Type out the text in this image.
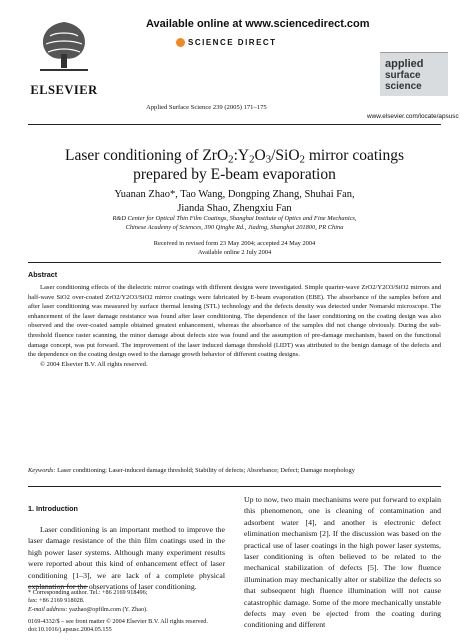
ELSEVIER
Available online at www.sciencedirect.com
SCIENCE DIRECT
Applied Surface Science 239 (2005) 171–175
applied
surface science
www.elsevier.com/locate/apsusc
Laser conditioning of $ZrO_2:Y_2O_3/SiO_2$ mirror coatings
prepared by E-beam evaporation
Yuanan Zhao*, Tao Wang, Dongping Zhang, Shuhai Fan,
Jianda Shao, Zhengxiu Fan
R&D Center for Optical Thin Film Coatings, Shanghai Institute of Optics and Fine Mechanics,
Chinese Academy of Sciences, 390 Qinghe Rd., Jiading, Shanghai 201800, PR China
Received in revised form 23 May 2004; accepted 24 May 2004
Available online 2 July 2004
Abstract

Laser conditioning effects of the dielectric mirror coatings with different designs were investigated. Simple quarter-wave ZrO2/Y2O3/SiO2 mirrors and half-wave SiO2 over-coated ZrO2/Y2O3/SiO2 mirror coatings were fabricated by E-beam evaporation (EBE). The absorbance of the samples before and after laser conditioning was measured by surface thermal lensing (STL) technology and the defects density was detected under Nomarski microscope. The enhancement of the laser damage resistance was found after laser conditioning. The dependence of the laser conditioning on the coating design was also observed and the over-coated sample obtained greatest enhancement, whereas the absorbance of the samples did not change obviously. During the sub-threshold fluence raster scanning, the minor damage about defects size was found and the assumption of pre-damage mechanism, based on the functional damage concept, was put forward. The improvement of the laser induced damage threshold (LIDT) was attributed to the benign damage of the defects and the dependence on the coating design owed to the damage growth behavior of different coating designs.

© 2004 Elsevier B.V. All rights reserved.

Keywords: Laser conditioning; Laser-induced damage threshold; Stability of defects; Absorbance; Defect; Damage morphology
1. Introduction

Laser conditioning is an important method to improve the laser damage resistance of the thin film coatings used in the high power laser systems. Although many experiment results were reported about this kind of enhancement effect of laser conditioning [1–3], we are lack of a complete physical explanation for the observations of laser conditioning.

Up to now, two main mechanisms were put forward to explain this phenomenon, one is cleaning of contamination and adsorbent water [4], and another is electronic defect elimination mechanism [2]. If the discussion was based on the practical use of laser coatings in the high power laser systems, laser conditioning is often believed to be related to the mechanical stabilization of defects [5]. The low fluence illumination may mechanically alter or stabilize the defects so that subsequent high fluence illumination will not cause catastrophic damage. Some of the more mechanically unstable defects may even be ejected from the coating during conditioning and different

* Corresponding author. Tel.: +86 2169 918496;
fax: +86 2169 918028.
E-mail address: yazhao@opfilm.com (Y. Zhao).
0169-4332/$ – see front matter © 2004 Elsevier B.V. All rights reserved.
doi:10.1016/j.apsusc.2004.05.155
